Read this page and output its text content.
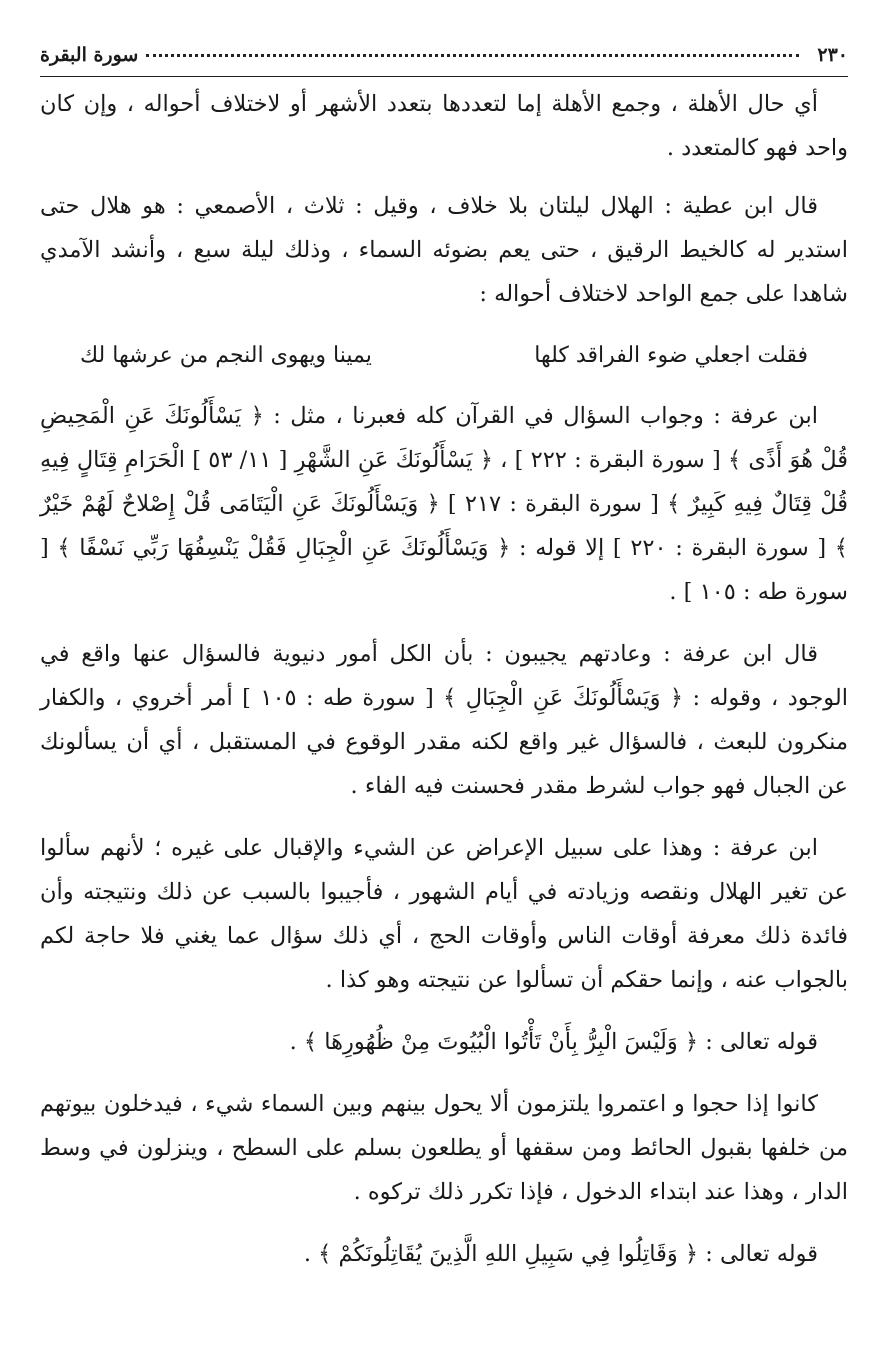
٢٣٠
سورة البقرة

أي حال الأهلة ، وجمع الأهلة إما لتعددها بتعدد الأشهر أو لاختلاف أحواله ، وإن كان واحد فهو كالمتعدد .

قال ابن عطية : الهلال ليلتان بلا خلاف ، وقيل : ثلاث ، الأصمعي : هو هلال حتى استدير له كالخيط الرقيق ، حتى يعم بضوئه السماء ، وذلك ليلة سبع ، وأنشد الآمدي شاهدا على جمع الواحد لاختلاف أحواله :

فقلت اجعلي ضوء الفراقد كلها
يمينا ويهوى النجم من عرشها لك

ابن عرفة : وجواب السؤال في القرآن كله فعبرنا ، مثل : ﴿ يَسْأَلُونَكَ عَنِ الْمَحِيضِ قُلْ هُوَ أَذًى ﴾ [ سورة البقرة : ٢٢٢ ] ، ﴿ يَسْأَلُونَكَ عَنِ الشَّهْرِ [ ١١/ ٥٣ ] الْحَرَامِ قِتَالٍ فِيهِ قُلْ قِتَالٌ فِيهِ كَبِيرٌ ﴾ [ سورة البقرة : ٢١٧ ] ﴿ وَيَسْأَلُونَكَ عَنِ الْيَتَامَى قُلْ إِصْلاحٌ لَهُمْ خَيْرٌ ﴾ [ سورة البقرة : ٢٢٠ ] إلا قوله : ﴿ وَيَسْأَلُونَكَ عَنِ الْجِبَالِ فَقُلْ يَنْسِفُهَا رَبِّي نَسْفًا ﴾ [ سورة طه : ١٠٥ ] .

قال ابن عرفة : وعادتهم يجيبون : بأن الكل أمور دنيوية فالسؤال عنها واقع في الوجود ، وقوله : ﴿ وَيَسْأَلُونَكَ عَنِ الْجِبَالِ ﴾ [ سورة طه : ١٠٥ ] أمر أخروي ، والكفار منكرون للبعث ، فالسؤال غير واقع لكنه مقدر الوقوع في المستقبل ، أي أن يسألونك عن الجبال فهو جواب لشرط مقدر فحسنت فيه الفاء .

ابن عرفة : وهذا على سبيل الإعراض عن الشيء والإقبال على غيره ؛ لأنهم سألوا عن تغير الهلال ونقصه وزيادته في أيام الشهور ، فأجيبوا بالسبب عن ذلك ونتيجته وأن فائدة ذلك معرفة أوقات الناس وأوقات الحج ، أي ذلك سؤال عما يغني فلا حاجة لكم بالجواب عنه ، وإنما حقكم أن تسألوا عن نتيجته وهو كذا .

قوله تعالى : ﴿ وَلَيْسَ الْبِرُّ بِأَنْ تَأْتُوا الْبُيُوتَ مِنْ ظُهُورِهَا ﴾ .

كانوا إذا حجوا و اعتمروا يلتزمون ألا يحول بينهم وبين السماء شيء ، فيدخلون بيوتهم من خلفها بقبول الحائط ومن سقفها أو يطلعون بسلم على السطح ، وينزلون في وسط الدار ، وهذا عند ابتداء الدخول ، فإذا تكرر ذلك تركوه .

قوله تعالى : ﴿ وَقَاتِلُوا فِي سَبِيلِ اللهِ الَّذِينَ يُقَاتِلُونَكُمْ ﴾ .
